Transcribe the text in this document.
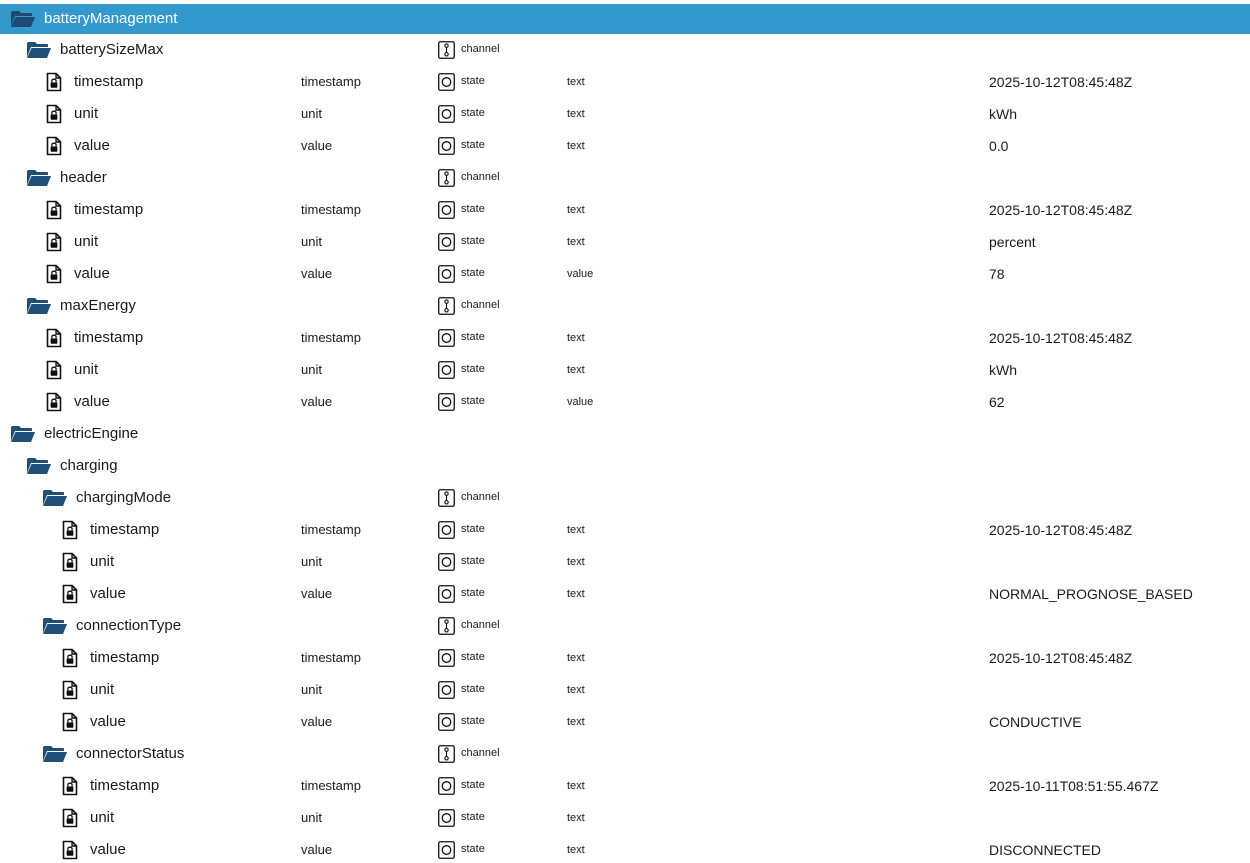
batteryManagement
batterySizeMax	channel
timestamp	timestamp	state	text	2025-10-12T08:45:48Z
unit	unit	state	text	kWh
value	value	state	text	0.0
header	channel
timestamp	timestamp	state	text	2025-10-12T08:45:48Z
unit	unit	state	text	percent
value	value	state	value	78
maxEnergy	channel
timestamp	timestamp	state	text	2025-10-12T08:45:48Z
unit	unit	state	text	kWh
value	value	state	value	62
electricEngine
charging
chargingMode	channel
timestamp	timestamp	state	text	2025-10-12T08:45:48Z
unit	unit	state	text
value	value	state	text	NORMAL_PROGNOSE_BASED
connectionType	channel
timestamp	timestamp	state	text	2025-10-12T08:45:48Z
unit	unit	state	text
value	value	state	text	CONDUCTIVE
connectorStatus	channel
timestamp	timestamp	state	text	2025-10-11T08:51:55.467Z
unit	unit	state	text
value	value	state	text	DISCONNECTED
